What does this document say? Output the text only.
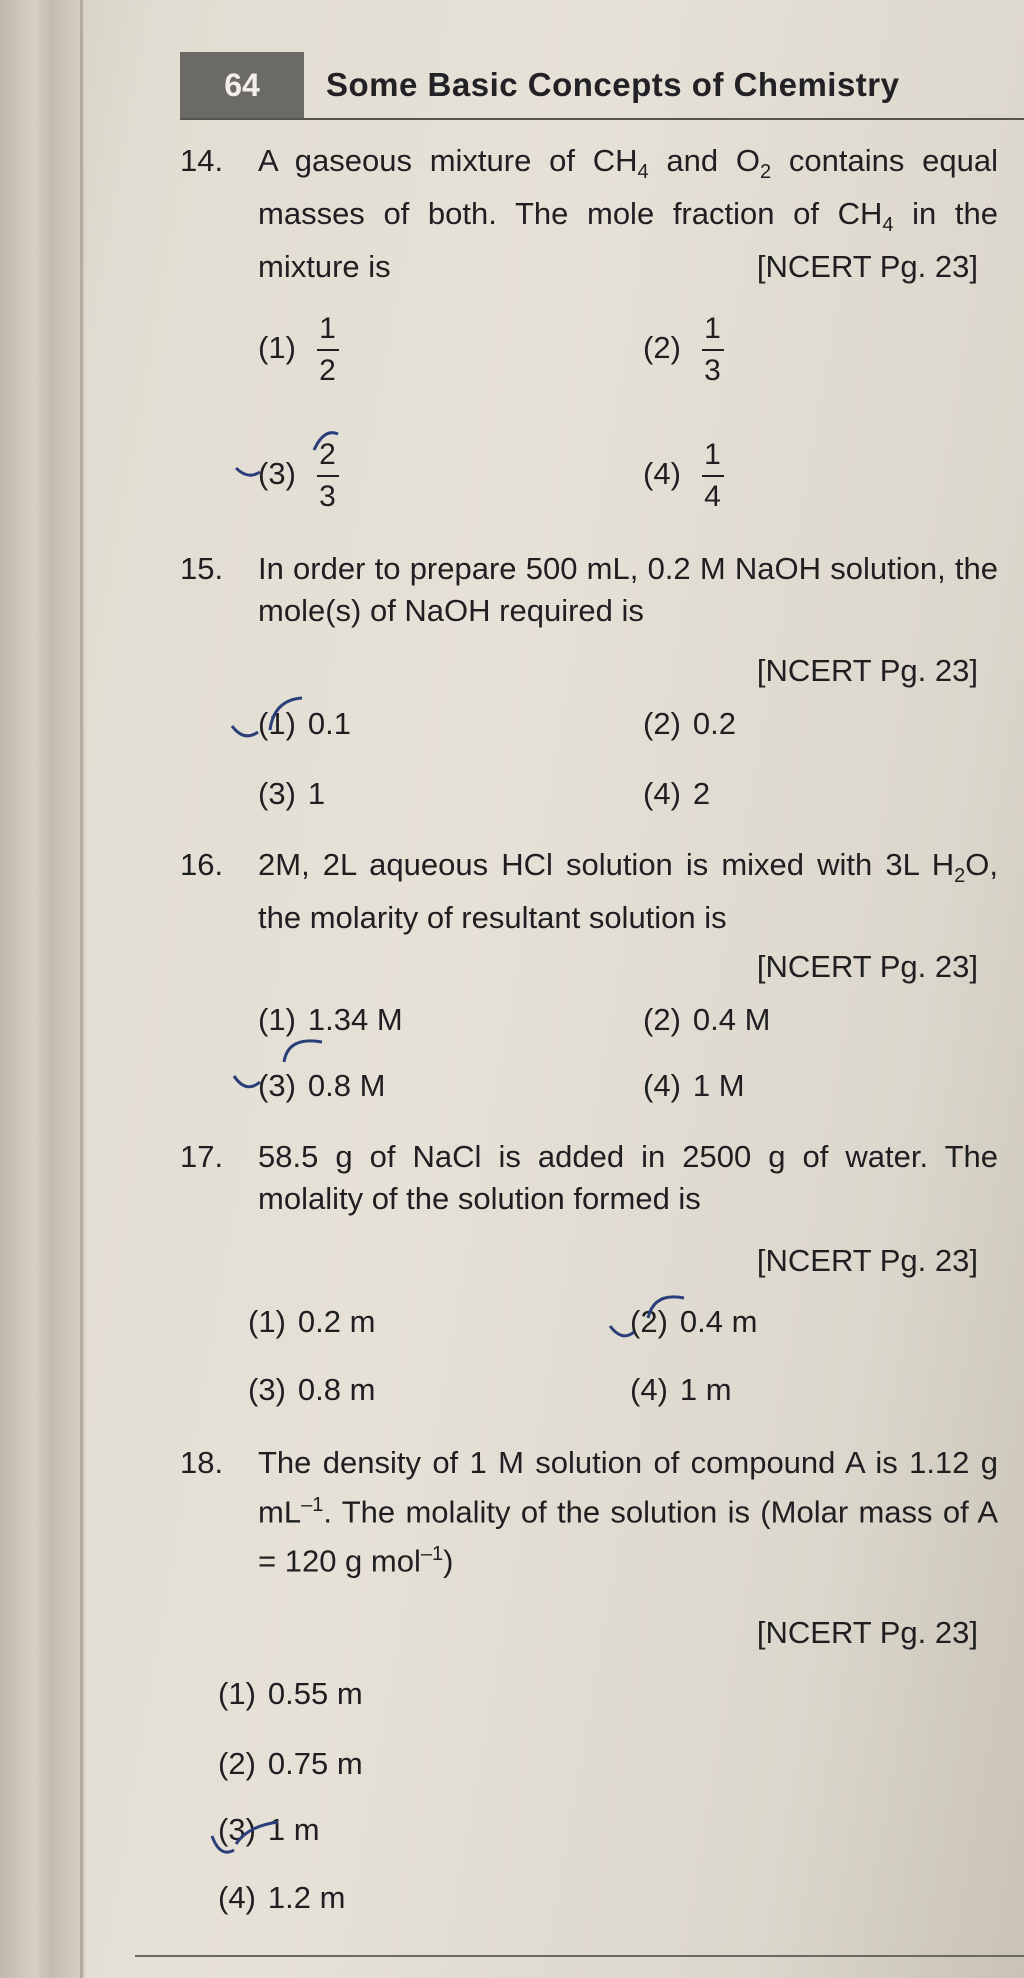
64	Some Basic Concepts of Chemistry
14. A gaseous mixture of $CH_4$ and $O_2$ contains equal masses of both. The mole fraction of $CH_4$ in the mixture is	[NCERT Pg. 23]
$(1) \frac{1}{2}$	$(2) \frac{1}{3}$
$(3) \frac{2}{3}$	$(4) \frac{1}{4}$
15. In order to prepare 500 mL, 0.2 M NaOH solution, the mole(s) of NaOH required is
[NCERT Pg. 23]
(1) 0.1	(2) 0.2
(3) 1	(4) 2
16. 2M, 2L aqueous HCl solution is mixed with 3L $H_2O$, the molarity of resultant solution is
[NCERT Pg. 23]
(1) 1.34 M	(2) 0.4 M
(3) 0.8 M	(4) 1 M
17. 58.5 g of NaCl is added in 2500 g of water. The molality of the solution formed is
[NCERT Pg. 23]
(1) 0.2 m	(2) 0.4 m
(3) 0.8 m	(4) 1 m
18. The density of 1 M solution of compound A is 1.12 g $mL^{-1}$. The molality of the solution is (Molar mass of A = 120 g mol$^{-1}$)
[NCERT Pg. 23]
(1) 0.55 m
(2) 0.75 m
(3) 1 m
(4) 1.2 m
